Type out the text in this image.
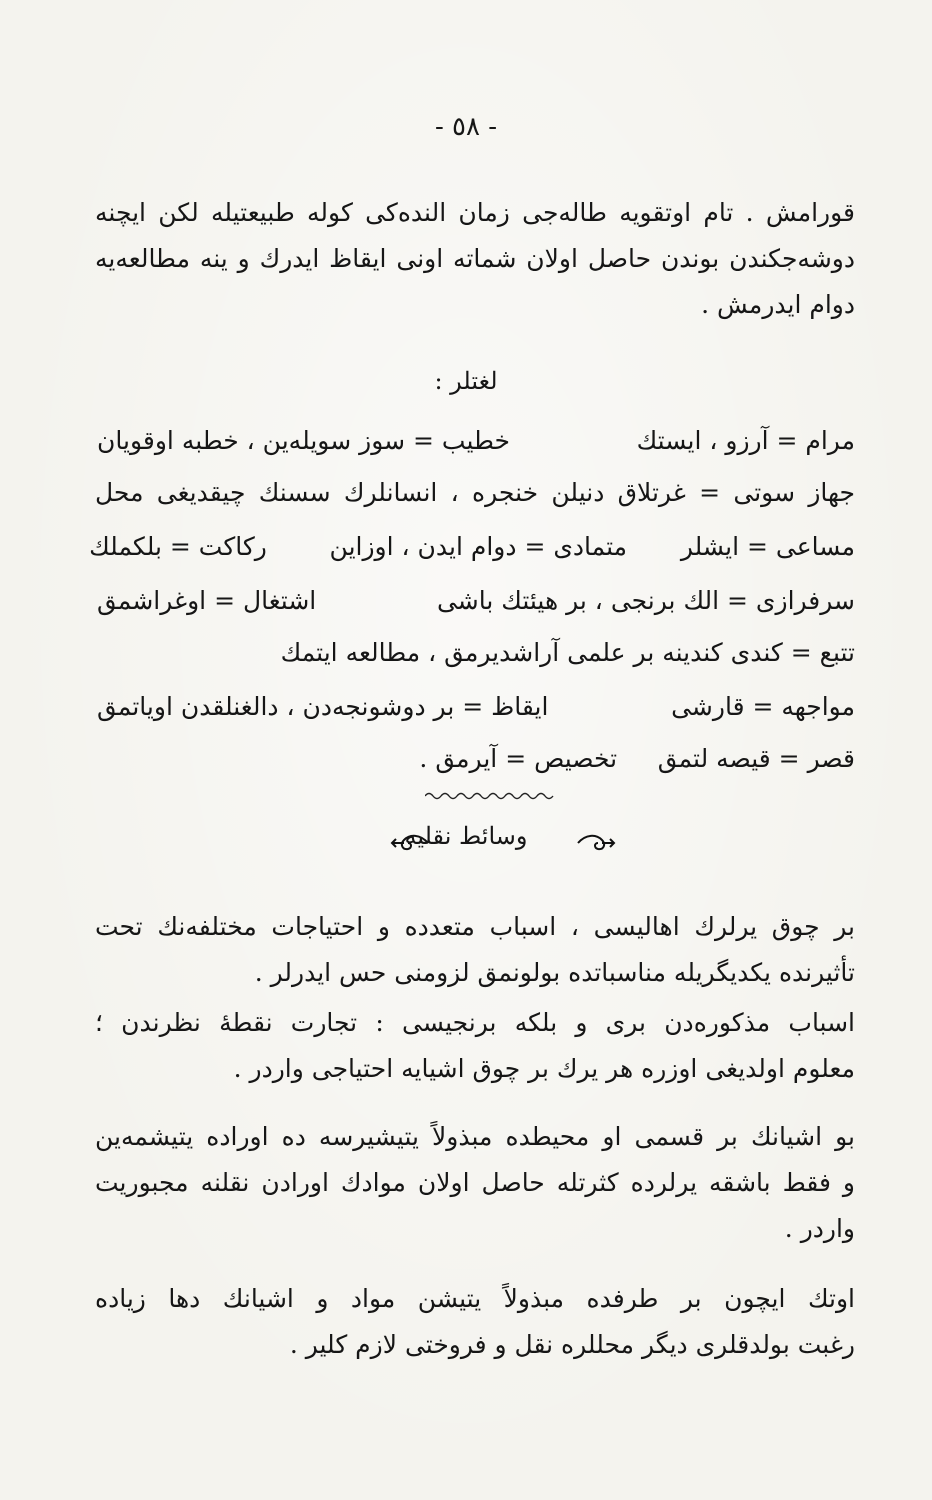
- ٥٨ -
قورامش . تام اوتقویه طالەجی زمان النده‌كی كوله طبیعتیله لكن ایچنه
دوشه‌جكندن بوندن حاصل اولان شماته اونی ایقاظ ایدرك و ینه مطالعه‌یه
دوام ایدرمش .
لغتلر :
مرام = آرزو ، ایستك خطیب = سوز سویله‌ین ، خطبه اوقویان
جهاز سوتی = غرتلاق دنیلن خنجره ، انسانلرك سسنك چیقدیغی محل
مساعی = ایشلر متمادی = دوام ایدن ، اوزاین ركاكت = بلكملك
سرفرازی = الك برنجی ، بر هیئتك باشی اشتغال = اوغراشمق
تتبع = كندی كندینه بر علمی آراشدیرمق ، مطالعه ایتمك
مواجهه = قارشی ایقاظ = بر دوشونجه‌دن ، دالغنلقدن اویاتمق
قصر = قیصه لتمق تخصیص = آیرمق .
وسائط نقلیه
بر چوق یرلرك اهالیسی ، اسباب متعدده و احتیاجات مختلفه‌نك تحت
تأثیرنده یكدیگریله مناسباتده بولونمق لزومنی حس ایدرلر .
اسباب مذكوره‌دن بری و بلكه برنجیسی : تجارت نقطه‌ٔ نظرندن ؛
معلوم اولدیغی اوزره هر یرك بر چوق اشیایه احتیاجی واردر .
بو اشیانك بر قسمی او محیطده مبذولاً یتیشیرسه ده اوراده یتیشمه‌ین
و فقط باشقه یرلرده كثرتله حاصل اولان موادك اورادن نقلنه مجبوریت
واردر .
اوتك ایچون بر طرفده مبذولاً یتیشن مواد و اشیانك دها زیاده
رغبت بولدقلری دیگر محللره نقل و فروختی لازم كلیر .
